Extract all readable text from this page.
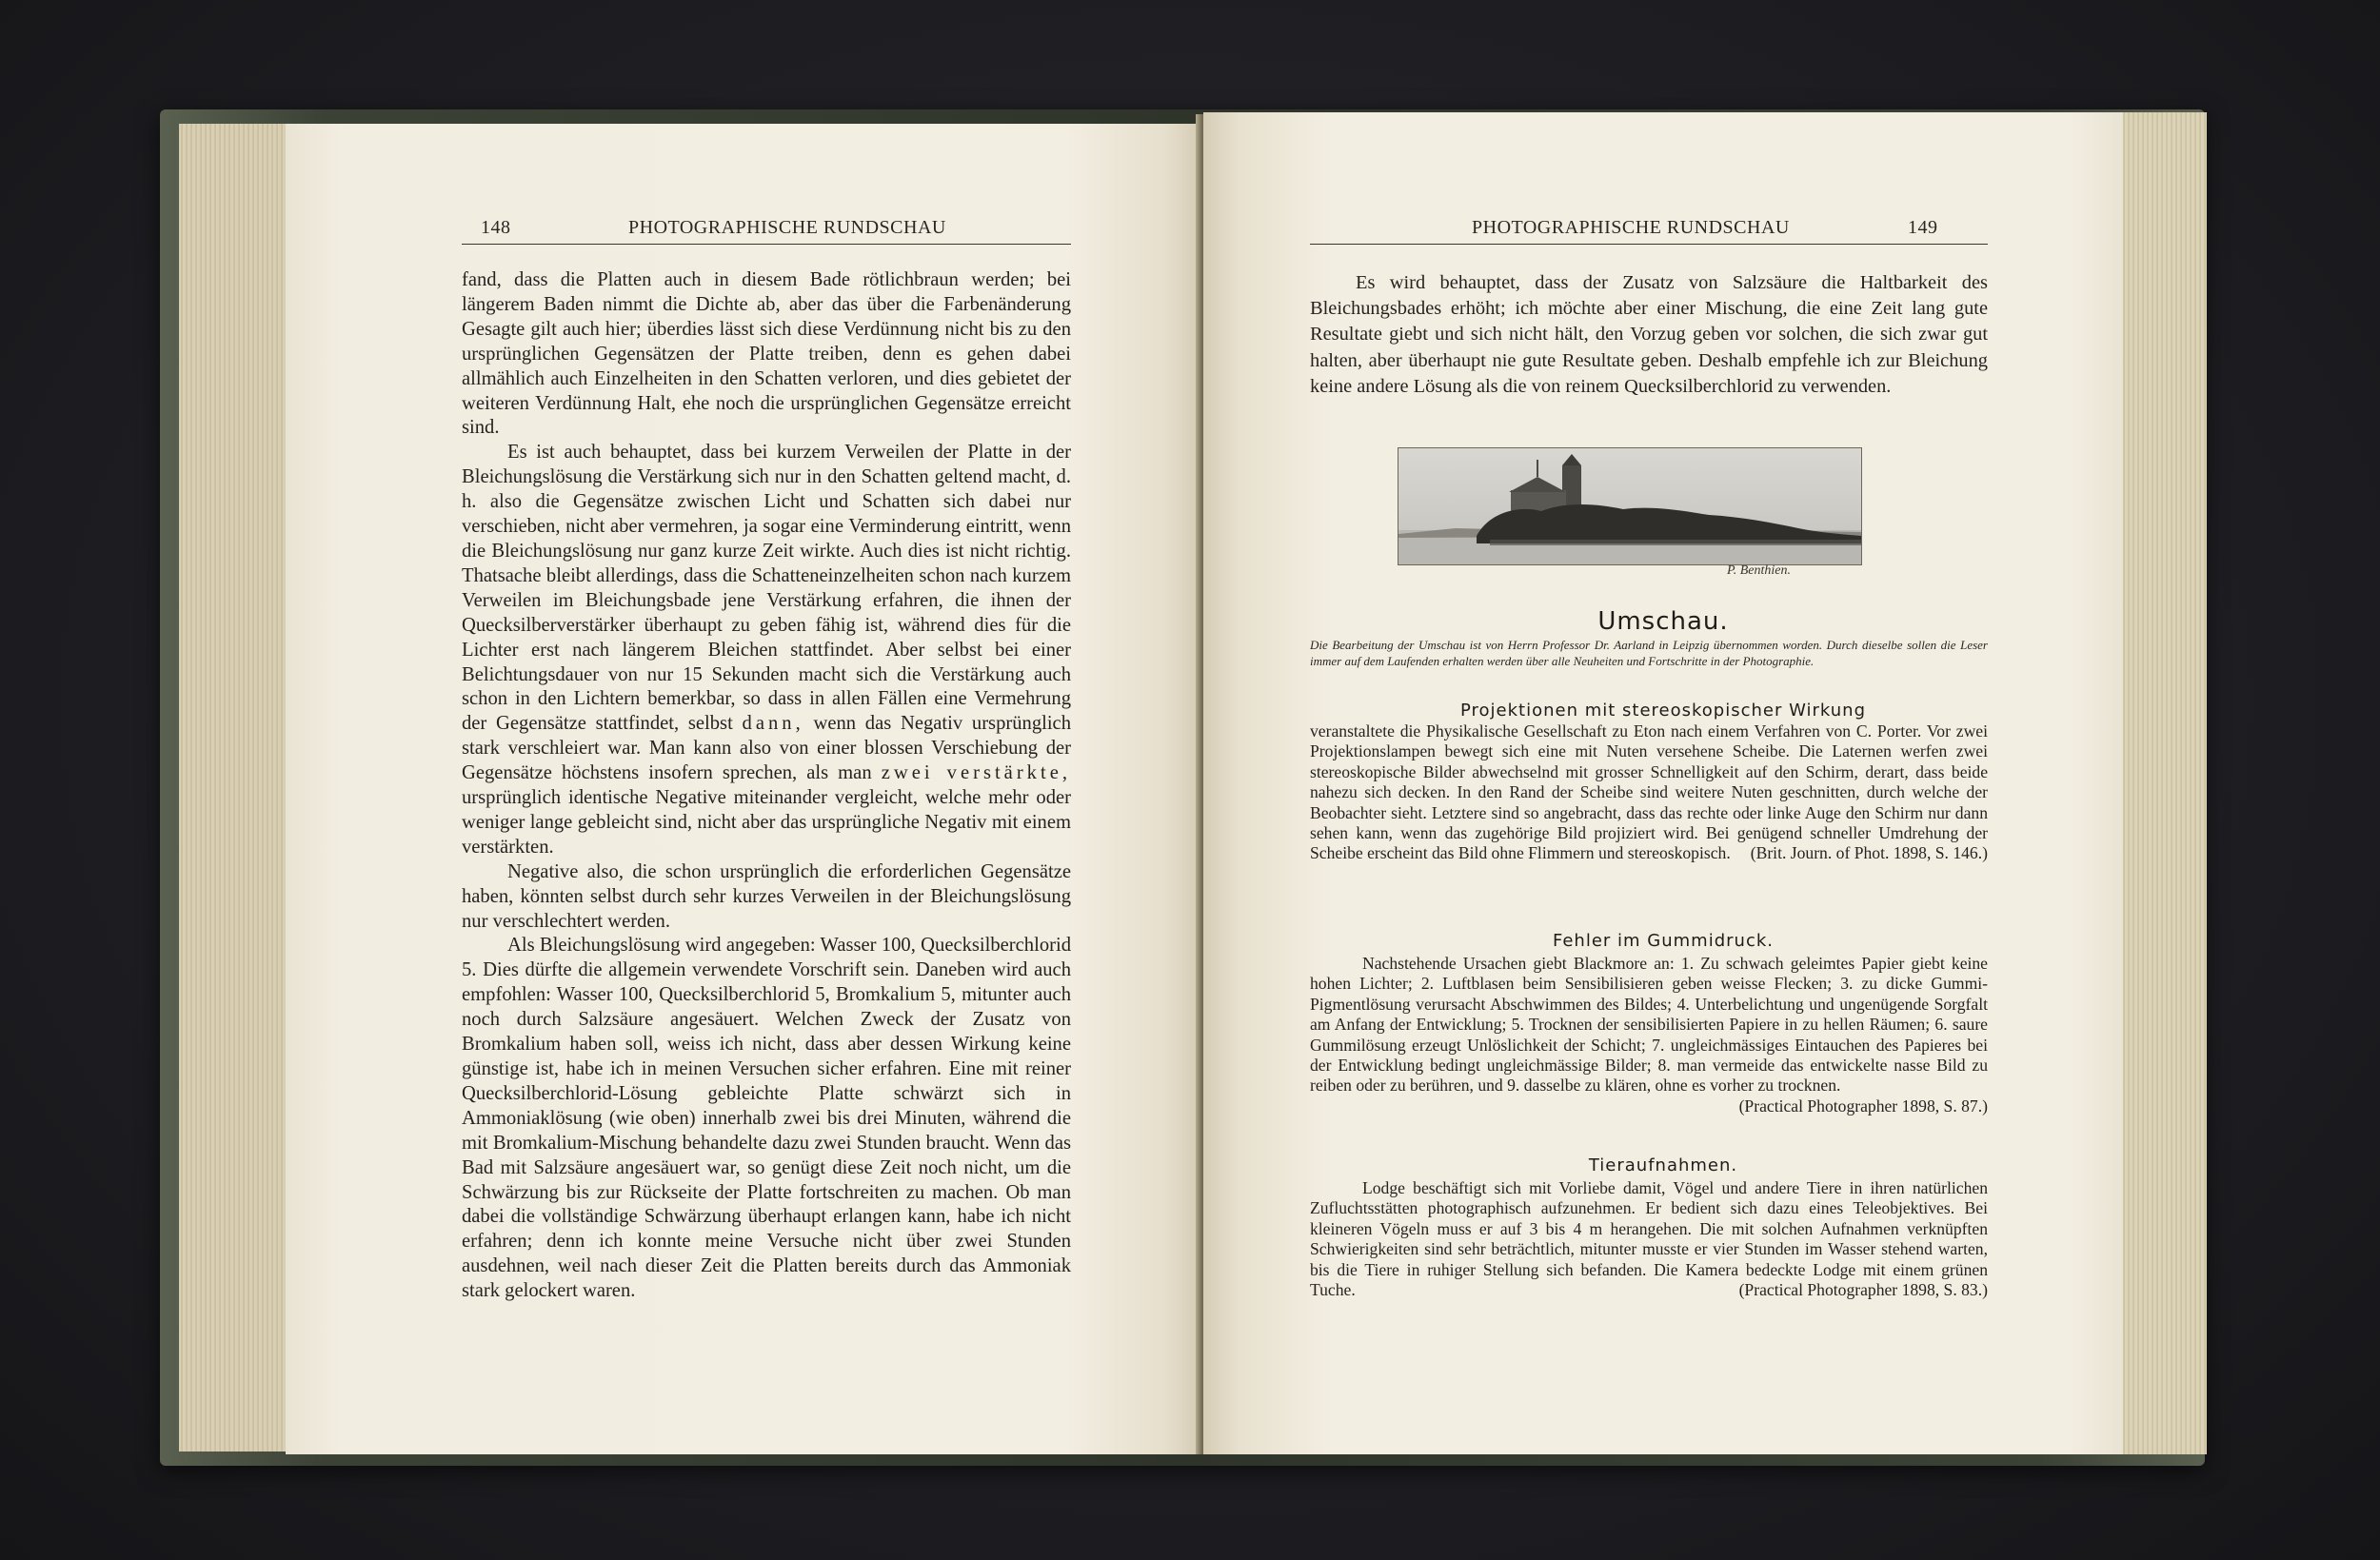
148	PHOTOGRAPHISCHE RUNDSCHAU

fand, dass die Platten auch in diesem Bade rötlichbraun werden; bei längerem Baden nimmt die Dichte ab, aber das über die Farbenänderung Gesagte gilt auch hier; überdies lässt sich diese Verdünnung nicht bis zu den ursprünglichen Gegensätzen der Platte treiben, denn es gehen dabei allmählich auch Einzelheiten in den Schatten verloren, und dies gebietet der weiteren Verdünnung Halt, ehe noch die ursprünglichen Gegensätze erreicht sind.

Es ist auch behauptet, dass bei kurzem Verweilen der Platte in der Bleichungslösung die Verstärkung sich nur in den Schatten geltend macht, d. h. also die Gegensätze zwischen Licht und Schatten sich dabei nur verschieben, nicht aber vermehren, ja sogar eine Verminderung eintritt, wenn die Bleichungslösung nur ganz kurze Zeit wirkte. Auch dies ist nicht richtig. Thatsache bleibt allerdings, dass die Schatteneinzelheiten schon nach kurzem Verweilen im Bleichungsbade jene Verstärkung erfahren, die ihnen der Quecksilberverstärker überhaupt zu geben fähig ist, während dies für die Lichter erst nach längerem Bleichen stattfindet. Aber selbst bei einer Belichtungsdauer von nur 15 Sekunden macht sich die Verstärkung auch schon in den Lichtern bemerkbar, so dass in allen Fällen eine Vermehrung der Gegensätze stattfindet, selbst dann, wenn das Negativ ursprünglich stark verschleiert war. Man kann also von einer blossen Verschiebung der Gegensätze höchstens insofern sprechen, als man zwei verstärkte, ursprünglich identische Negative miteinander vergleicht, welche mehr oder weniger lange gebleicht sind, nicht aber das ursprüngliche Negativ mit einem verstärkten.

Negative also, die schon ursprünglich die erforderlichen Gegensätze haben, könnten selbst durch sehr kurzes Verweilen in der Bleichungslösung nur verschlechtert werden.

Als Bleichungslösung wird angegeben: Wasser 100, Quecksilberchlorid 5. Dies dürfte die allgemein verwendete Vorschrift sein. Daneben wird auch empfohlen: Wasser 100, Quecksilberchlorid 5, Bromkalium 5, mitunter auch noch durch Salzsäure angesäuert. Welchen Zweck der Zusatz von Bromkalium haben soll, weiss ich nicht, dass aber dessen Wirkung keine günstige ist, habe ich in meinen Versuchen sicher erfahren. Eine mit reiner Quecksilberchlorid-Lösung gebleichte Platte schwärzt sich in Ammoniaklösung (wie oben) innerhalb zwei bis drei Minuten, während die mit Bromkalium-Mischung behandelte dazu zwei Stunden braucht. Wenn das Bad mit Salzsäure angesäuert war, so genügt diese Zeit noch nicht, um die Schwärzung bis zur Rückseite der Platte fortschreiten zu machen. Ob man dabei die vollständige Schwärzung überhaupt erlangen kann, habe ich nicht erfahren; denn ich konnte meine Versuche nicht über zwei Stunden ausdehnen, weil nach dieser Zeit die Platten bereits durch das Ammoniak stark gelockert waren.

PHOTOGRAPHISCHE RUNDSCHAU	149

Es wird behauptet, dass der Zusatz von Salzsäure die Haltbarkeit des Bleichungsbades erhöht; ich möchte aber einer Mischung, die eine Zeit lang gute Resultate giebt und sich nicht hält, den Vorzug geben vor solchen, die sich zwar gut halten, aber überhaupt nie gute Resultate geben. Deshalb empfehle ich zur Bleichung keine andere Lösung als die von reinem Quecksilberchlorid zu verwenden.

P. Benthien.
Umschau.
Die Bearbeitung der Umschau ist von Herrn Professor Dr. Aarland in Leipzig übernommen worden. Durch dieselbe sollen die Leser immer auf dem Laufenden erhalten werden über alle Neuheiten und Fortschritte in der Photographie.
Projektionen mit stereoskopischer Wirkung

veranstaltete die Physikalische Gesellschaft zu Eton nach einem Verfahren von C. Porter. Vor zwei Projektionslampen bewegt sich eine mit Nuten versehene Scheibe. Die Laternen werfen zwei stereoskopische Bilder abwechselnd mit grosser Schnelligkeit auf den Schirm, derart, dass beide nahezu sich decken. In den Rand der Scheibe sind weitere Nuten geschnitten, durch welche der Beobachter sieht. Letztere sind so angebracht, dass das rechte oder linke Auge den Schirm nur dann sehen kann, wenn das zugehörige Bild projiziert wird. Bei genügend schneller Umdrehung der Scheibe erscheint das Bild ohne Flimmern und stereoskopisch. (Brit. Journ. of Phot. 1898, S. 146.)

Fehler im Gummidruck.

Nachstehende Ursachen giebt Blackmore an: 1. Zu schwach geleimtes Papier giebt keine hohen Lichter; 2. Luftblasen beim Sensibilisieren geben weisse Flecken; 3. zu dicke Gummi-Pigmentlösung verursacht Abschwimmen des Bildes; 4. Unterbelichtung und ungenügende Sorgfalt am Anfang der Entwicklung; 5. Trocknen der sensibilisierten Papiere in zu hellen Räumen; 6. saure Gummilösung erzeugt Unlöslichkeit der Schicht; 7. ungleichmässiges Eintauchen des Papieres bei der Entwicklung bedingt ungleichmässige Bilder; 8. man vermeide das entwickelte nasse Bild zu reiben oder zu berühren, und 9. dasselbe zu klären, ohne es vorher zu trocknen.
(Practical Photographer 1898, S. 87.)

Tieraufnahmen.

Lodge beschäftigt sich mit Vorliebe damit, Vögel und andere Tiere in ihren natürlichen Zufluchtsstätten photographisch aufzunehmen. Er bedient sich dazu eines Teleobjektives. Bei kleineren Vögeln muss er auf 3 bis 4 m herangehen. Die mit solchen Aufnahmen verknüpften Schwierigkeiten sind sehr beträchtlich, mitunter musste er vier Stunden im Wasser stehend warten, bis die Tiere in ruhiger Stellung sich befanden. Die Kamera bedeckte Lodge mit einem grünen Tuche.	(Practical Photographer 1898, S. 83.)
